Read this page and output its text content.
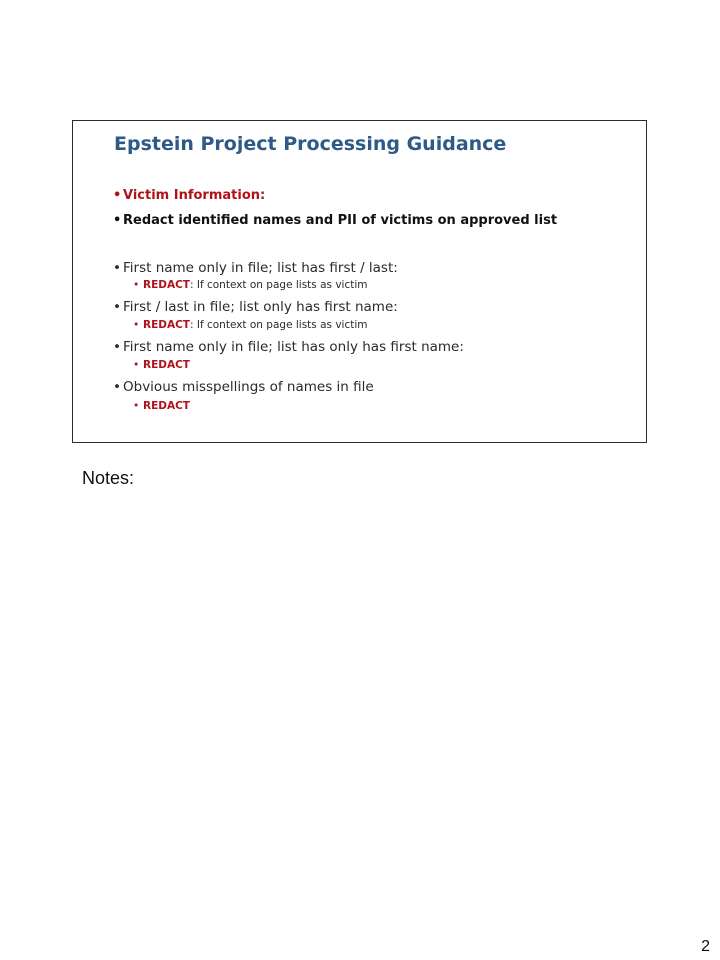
Epstein Project Processing Guidance
• Victim Information:
• Redact identified names and PII of victims on approved list
• First name only in file; list has first / last:
• REDACT: If context on page lists as victim
• First / last in file; list only has first name:
• REDACT: If context on page lists as victim
• First name only in file; list has only has first name:
• REDACT
• Obvious misspellings of names in file
• REDACT
Notes:
2
